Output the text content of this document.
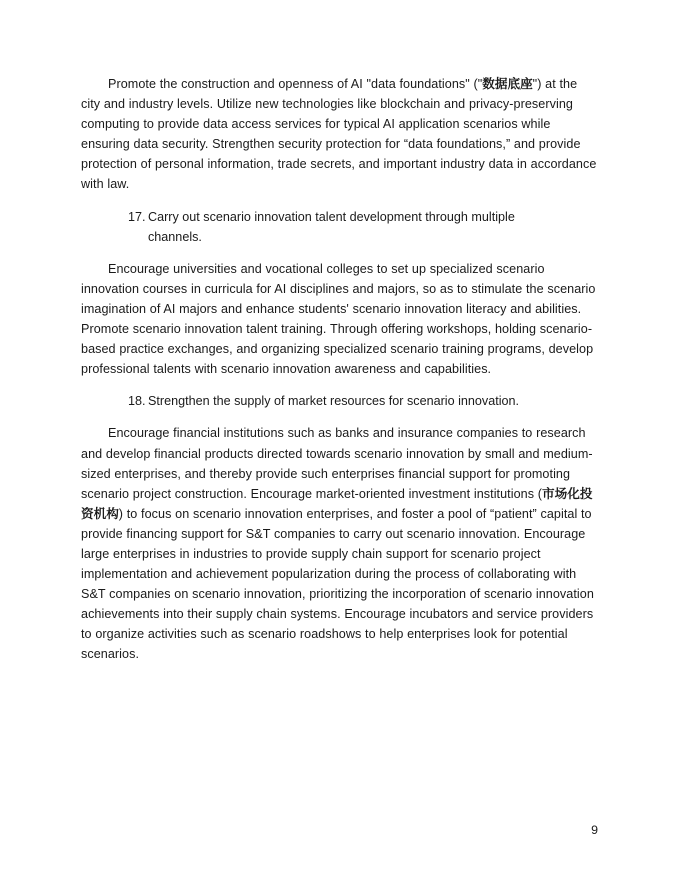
Promote the construction and openness of AI "data foundations" ("数据底座") at the city and industry levels. Utilize new technologies like blockchain and privacy-preserving computing to provide data access services for typical AI application scenarios while ensuring data security. Strengthen security protection for “data foundations,” and provide protection of personal information, trade secrets, and important industry data in accordance with law.

17. Carry out scenario innovation talent development through multiple channels.

Encourage universities and vocational colleges to set up specialized scenario innovation courses in curricula for AI disciplines and majors, so as to stimulate the scenario imagination of AI majors and enhance students' scenario innovation literacy and abilities. Promote scenario innovation talent training. Through offering workshops, holding scenario-based practice exchanges, and organizing specialized scenario training programs, develop professional talents with scenario innovation awareness and capabilities.

18. Strengthen the supply of market resources for scenario innovation.

Encourage financial institutions such as banks and insurance companies to research and develop financial products directed towards scenario innovation by small and medium-sized enterprises, and thereby provide such enterprises financial support for promoting scenario project construction. Encourage market-oriented investment institutions (市场化投资机构) to focus on scenario innovation enterprises, and foster a pool of “patient” capital to provide financing support for S&T companies to carry out scenario innovation. Encourage large enterprises in industries to provide supply chain support for scenario project implementation and achievement popularization during the process of collaborating with S&T companies on scenario innovation, prioritizing the incorporation of scenario innovation achievements into their supply chain systems. Encourage incubators and service providers to organize activities such as scenario roadshows to help enterprises look for potential scenarios.

9
